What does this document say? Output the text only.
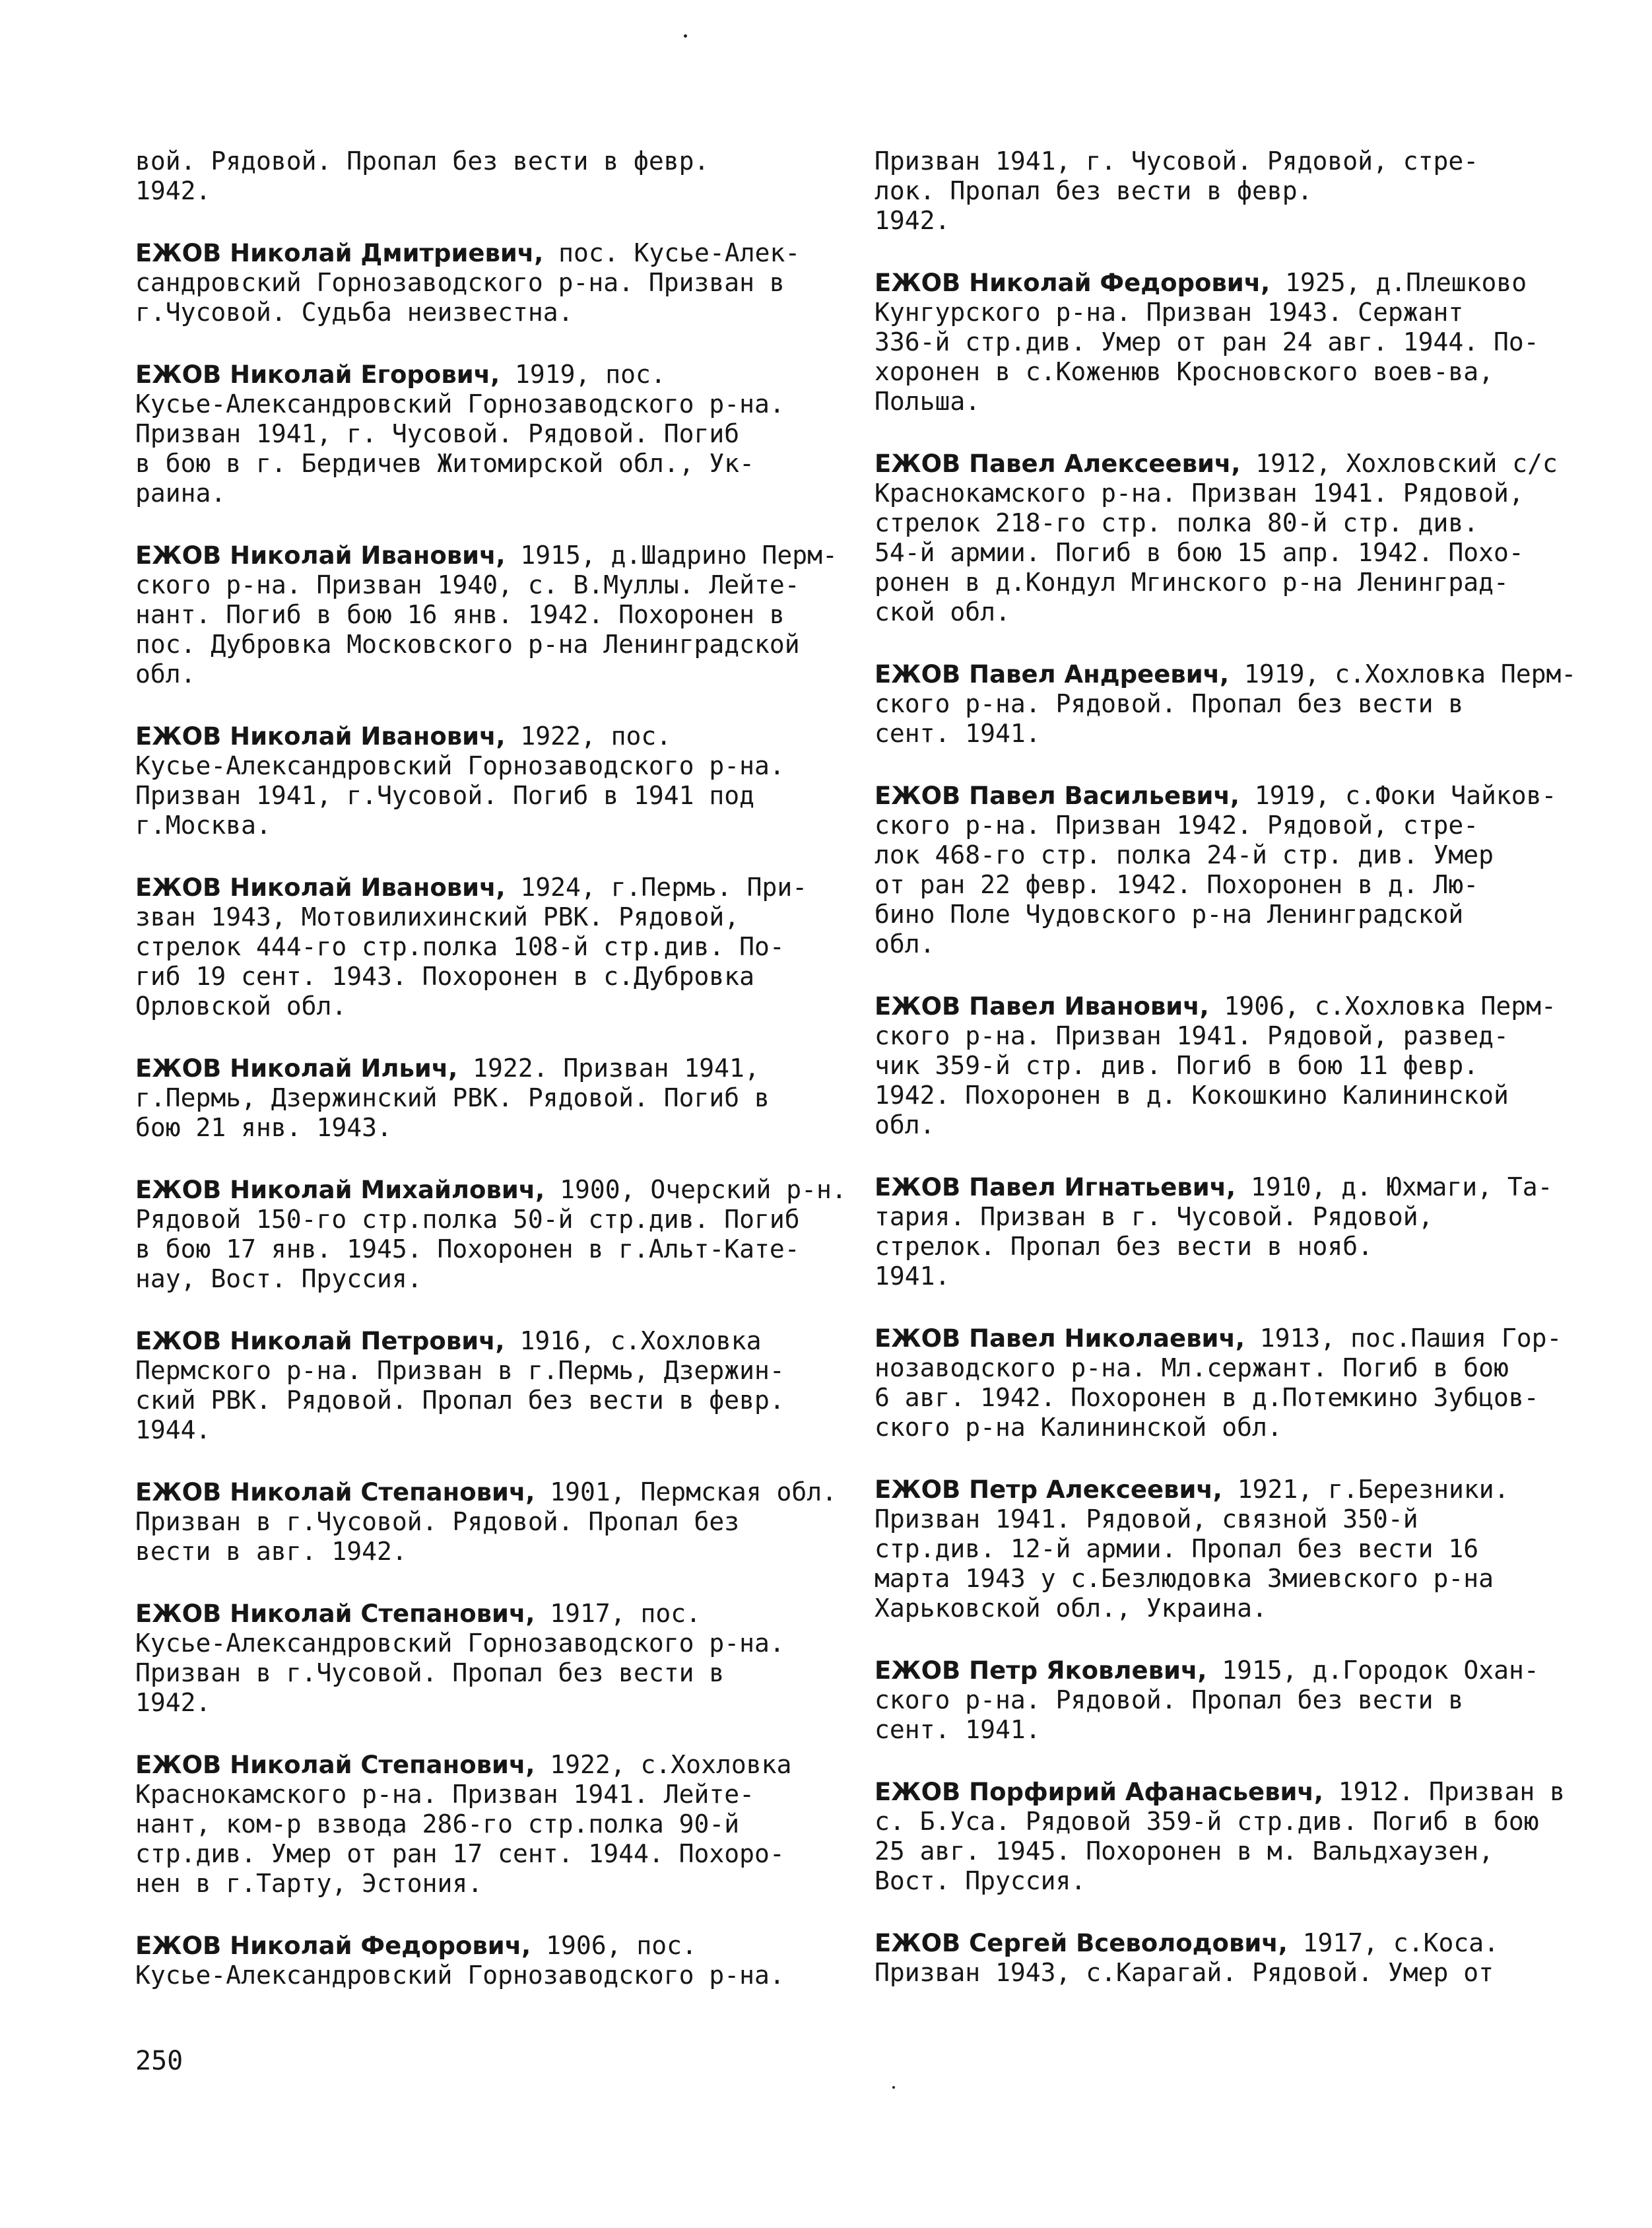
вой. Рядовой. Пропал без вести в февр.
1942.

ЕЖОВ Николай Дмитриевич, пос. Кусье-Алек-
сандровский Горнозаводского р-на. Призван в
г.Чусовой. Судьба неизвестна.

ЕЖОВ Николай Егорович, 1919, пос.
Кусье-Александровский Горнозаводского р-на.
Призван 1941, г. Чусовой. Рядовой. Погиб
в бою в г. Бердичев Житомирской обл., Ук-
раина.

ЕЖОВ Николай Иванович, 1915, д.Шадрино Перм-
ского р-на. Призван 1940, с. В.Муллы. Лейте-
нант. Погиб в бою 16 янв. 1942. Похоронен в
пос. Дубровка Московского р-на Ленинградской
обл.

ЕЖОВ Николай Иванович, 1922, пос.
Кусье-Александровский Горнозаводского р-на.
Призван 1941, г.Чусовой. Погиб в 1941 под
г.Москва.

ЕЖОВ Николай Иванович, 1924, г.Пермь. При-
зван 1943, Мотовилихинский РВК. Рядовой,
стрелок 444-го стр.полка 108-й стр.див. По-
гиб 19 сент. 1943. Похоронен в с.Дубровка
Орловской обл.

ЕЖОВ Николай Ильич, 1922. Призван 1941,
г.Пермь, Дзержинский РВК. Рядовой. Погиб в
бою 21 янв. 1943.

ЕЖОВ Николай Михайлович, 1900, Очерский р-н.
Рядовой 150-го стр.полка 50-й стр.див. Погиб
в бою 17 янв. 1945. Похоронен в г.Альт-Кате-
нау, Вост. Пруссия.

ЕЖОВ Николай Петрович, 1916, с.Хохловка
Пермского р-на. Призван в г.Пермь, Дзержин-
ский РВК. Рядовой. Пропал без вести в февр.
1944.

ЕЖОВ Николай Степанович, 1901, Пермская обл.
Призван в г.Чусовой. Рядовой. Пропал без
вести в авг. 1942.

ЕЖОВ Николай Степанович, 1917, пос.
Кусье-Александровский Горнозаводского р-на.
Призван в г.Чусовой. Пропал без вести в
1942.

ЕЖОВ Николай Степанович, 1922, с.Хохловка
Краснокамского р-на. Призван 1941. Лейте-
нант, ком-р взвода 286-го стр.полка 90-й
стр.див. Умер от ран 17 сент. 1944. Похоро-
нен в г.Тарту, Эстония.

ЕЖОВ Николай Федорович, 1906, пос.
Кусье-Александровский Горнозаводского р-на.

Призван 1941, г. Чусовой. Рядовой, стре-
лок. Пропал без вести в февр.
1942.

ЕЖОВ Николай Федорович, 1925, д.Плешково
Кунгурского р-на. Призван 1943. Сержант
336-й стр.див. Умер от ран 24 авг. 1944. По-
хоронен в с.Коженюв Кросновского воев-ва,
Польша.

ЕЖОВ Павел Алексеевич, 1912, Хохловский с/с
Краснокамского р-на. Призван 1941. Рядовой,
стрелок 218-го стр. полка 80-й стр. див.
54-й армии. Погиб в бою 15 апр. 1942. Похо-
ронен в д.Кондул Мгинского р-на Ленинград-
ской обл.

ЕЖОВ Павел Андреевич, 1919, с.Хохловка Перм-
ского р-на. Рядовой. Пропал без вести в
сент. 1941.

ЕЖОВ Павел Васильевич, 1919, с.Фоки Чайков-
ского р-на. Призван 1942. Рядовой, стре-
лок 468-го стр. полка 24-й стр. див. Умер
от ран 22 февр. 1942. Похоронен в д. Лю-
бино Поле Чудовского р-на Ленинградской
обл.

ЕЖОВ Павел Иванович, 1906, с.Хохловка Перм-
ского р-на. Призван 1941. Рядовой, развед-
чик 359-й стр. див. Погиб в бою 11 февр.
1942. Похоронен в д. Кокошкино Калининской
обл.

ЕЖОВ Павел Игнатьевич, 1910, д. Юхмаги, Та-
тария. Призван в г. Чусовой. Рядовой,
стрелок. Пропал без вести в нояб.
1941.

ЕЖОВ Павел Николаевич, 1913, пос.Пашия Гор-
нозаводского р-на. Мл.сержант. Погиб в бою
6 авг. 1942. Похоронен в д.Потемкино Зубцов-
ского р-на Калининской обл.

ЕЖОВ Петр Алексеевич, 1921, г.Березники.
Призван 1941. Рядовой, связной 350-й
стр.див. 12-й армии. Пропал без вести 16
марта 1943 у с.Безлюдовка Змиевского р-на
Харьковской обл., Украина.

ЕЖОВ Петр Яковлевич, 1915, д.Городок Охан-
ского р-на. Рядовой. Пропал без вести в
сент. 1941.

ЕЖОВ Порфирий Афанасьевич, 1912. Призван в
с. Б.Уса. Рядовой 359-й стр.див. Погиб в бою
25 авг. 1945. Похоронен в м. Вальдхаузен,
Вост. Пруссия.

ЕЖОВ Сергей Всеволодович, 1917, с.Коса.
Призван 1943, с.Карагай. Рядовой. Умер от

250
